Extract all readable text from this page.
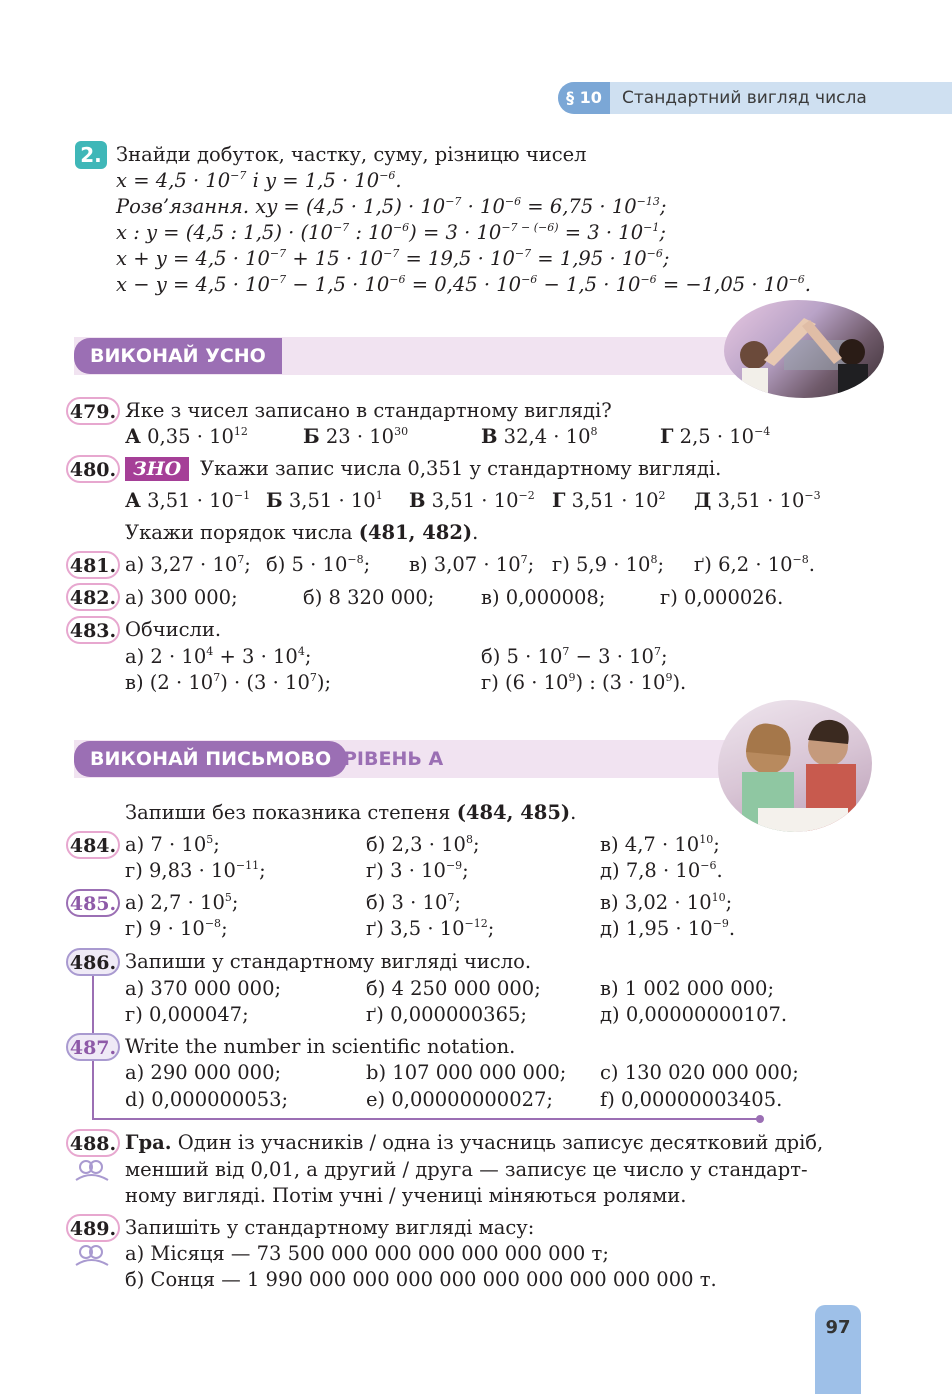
§ 10	Стандартний вигляд числа
2. Знайди добуток, частку, суму, різницю чисел
$x = 4,5 \cdot 10^{-7}$ і $y = 1,5 \cdot 10^{-6}$.
Розв’язання. xy = $(4,5 \cdot 1,5) \cdot 10^{-7} \cdot 10^{-6} = 6,75 \cdot 10^{-13}$;
x : y = (4,5 : $1,5) \cdot (10^{-7}$ : $10^{-6}) = 3 \cdot 10^{-7 - (-6)} = 3 \cdot 10^{-1}$;
$x + y = 4,5 \cdot 10^{-7} + 15 \cdot 10^{-7} = 19,5 \cdot 10^{-7} = 1,95 \cdot 10^{-6}$;
$x - y = 4,5 \cdot 10^{-7} - 1,5 \cdot 10^{-6} = 0,45 \cdot 10^{-6} - 1,5 \cdot 10^{-6} = -1,05 \cdot 10^{-6}$.
ВИКОНАЙ УСНО
479. Яке з чисел записано в стандартному вигляді?
А $0,35 \cdot 10^{12}$	Б $23 \cdot 10^{30}$	В $32,4 \cdot 10^8$	Г $2,5 \cdot 10^{-4}$
480. ЗНО Укажи запис числа 0,351 у стандартному вигляді.
А $3,51 \cdot 10^{-1}$ Б $3,51 \cdot 10^1$ В $3,51 \cdot 10^{-2}$ Г $3,51 \cdot 10^2$ Д $3,51 \cdot 10^{-3}$
Укажи порядок числа (481, 482).
481. а) $3,27 \cdot 10^7$; б) $5 \cdot 10^{-8}$; в) $3,07 \cdot 10^7$; г) $5,9 \cdot 10^8$; ґ) $6,2 \cdot 10^{-8}$.
482. а) 300 000;	б) 8 320 000; в) 0,000008;	г) 0,000026.
483. Обчисли.
а) $2 \cdot 10^4 + 3 \cdot 10^4$;	б) $5 \cdot 10^7 - 3 \cdot 10^7$;
в) $(2 \cdot 10^7) \cdot (3 \cdot 10^7)$;	г) $(6 \cdot 10^9)$ : $(3 \cdot 10^9)$.
ВИКОНАЙ ПИСЬМОВО РІВЕНЬ А
Запиши без показника степеня (484, 485).
484. а) $7 \cdot 10^5$;	б) $2,3 \cdot 10^8$;	в) $4,7 \cdot 10^{10}$;
г) $9,83 \cdot 10^{-11}$;	ґ) $3 \cdot 10^{-9}$;	д) $7,8 \cdot 10^{-6}$.
485. а) $2,7 \cdot 10^5$;	б) $3 \cdot 10^7$;	в) $3,02 \cdot 10^{10}$;
г) $9 \cdot 10^{-8}$;	ґ) $3,5 \cdot 10^{-12}$;	д) $1,95 \cdot 10^{-9}$.
486. Запиши у стандартному вигляді число.
а) 370 000 000;	б) 4 250 000 000;	в) 1 002 000 000;
г) 0,000047;	ґ) 0,000000365;	д) 0,00000000107.
487. Write the number in scientific notation.
a) 290 000 000;	b) 107 000 000 000; c) 130 020 000 000;
d) 0,000000053;	e) 0,00000000027; f) 0,00000003405.
488. Гра. Один із учасників / одна із учасниць записує десятковий дріб,
менший від 0,01, а другий / друга — записує це число у стандарт-
ному вигляді. Потім учні / учениці міняються ролями.
489. Запишіть у стандартному вигляді масу:
а) Місяця — 73 500 000 000 000 000 000 000 т;
б) Сонця — 1 990 000 000 000 000 000 000 000 000 000 т.
97
